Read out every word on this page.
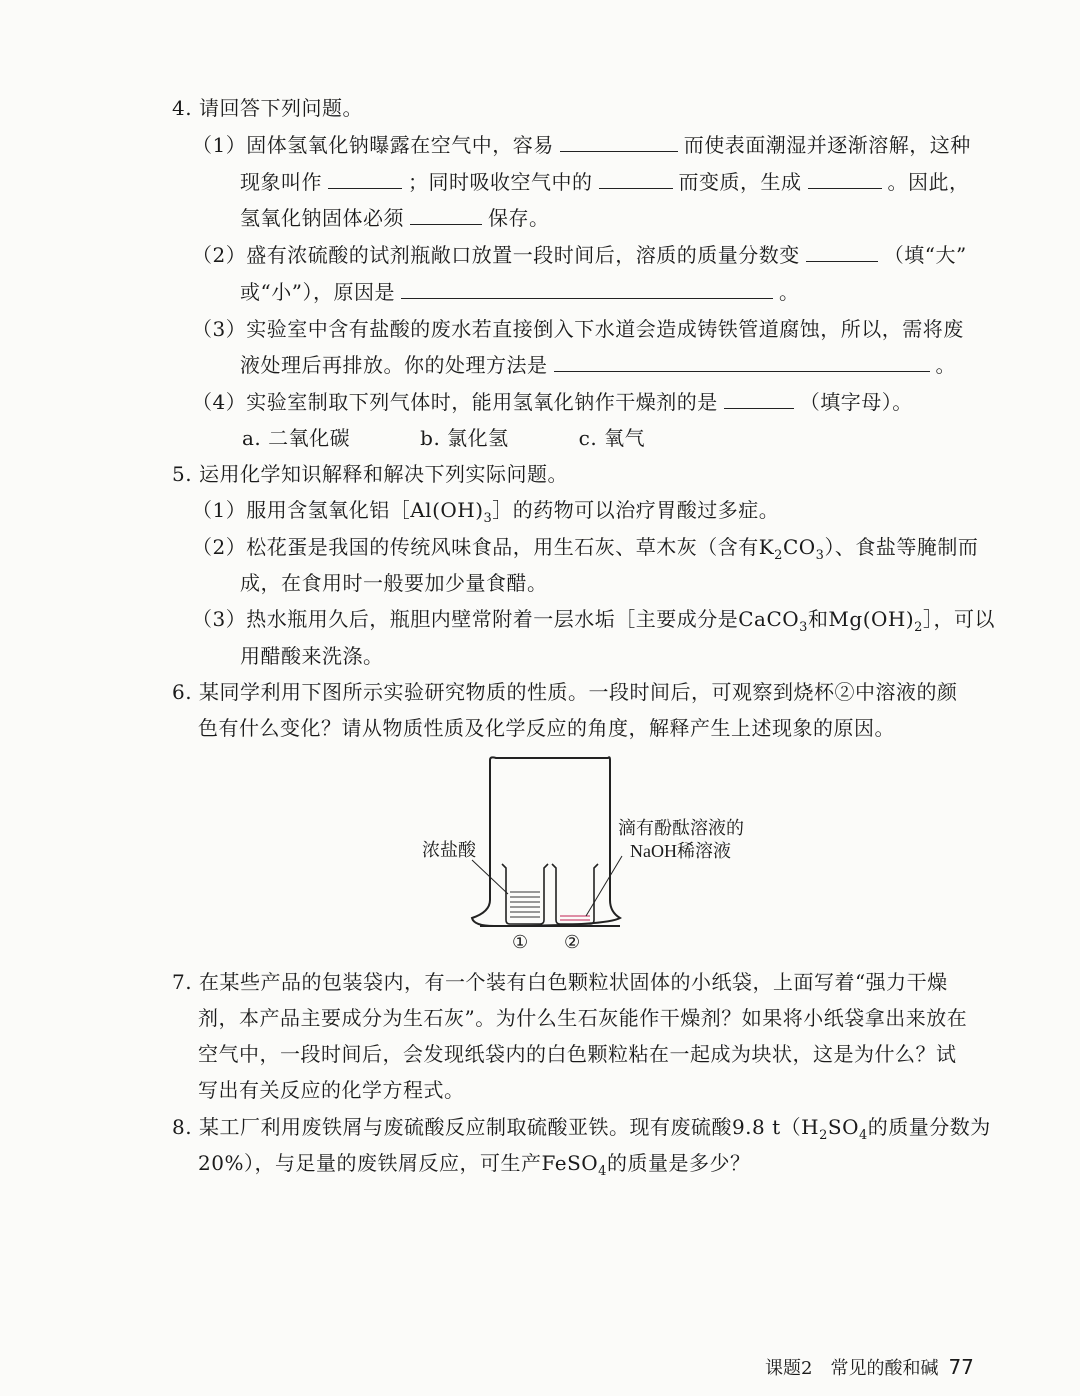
4. 请回答下列问题。
（1）固体氢氧化钠曝露在空气中，容易	而使表面潮湿并逐渐溶解，这种
现象叫作	；同时吸收空气中的	而变质，生成	。因此，
氢氧化钠固体必须	保存。
（2）盛有浓硫酸的试剂瓶敞口放置一段时间后，溶质的质量分数变	（填“大”
或“小”），原因是	。
（3）实验室中含有盐酸的废水若直接倒入下水道会造成铸铁管道腐蚀，所以，需将废
液处理后再排放。你的处理方法是	。
（4）实验室制取下列气体时，能用氢氧化钠作干燥剂的是	（填字母）。
a. 二氧化碳	b. 氯化氢	c. 氧气
5. 运用化学知识解释和解决下列实际问题。
（1）服用含氢氧化铝$[Al(OH)_3]$的药物可以治疗胃酸过多症。
（2）松花蛋是我国的传统风味食品，用生石灰、草木灰（含有$K_2CO_3$）、食盐等腌制而
成，在食用时一般要加少量食醋。
（3）热水瓶用久后，瓶胆内壁常附着一层水垢［主要成分是CaCO$_3$和$Mg(OH)_2]$，可以
用醋酸来洗涤。
6. 某同学利用下图所示实验研究物质的性质。一段时间后，可观察到烧杯②中溶液的颜
色有什么变化？请从物质性质及化学反应的角度，解释产生上述现象的原因。
浓盐酸
滴有酚酞溶液的
NaOH稀溶液
① ②
7. 在某些产品的包装袋内，有一个装有白色颗粒状固体的小纸袋，上面写着“强力干燥
剂，本产品主要成分为生石灰”。为什么生石灰能作干燥剂？如果将小纸袋拿出来放在
空气中，一段时间后，会发现纸袋内的白色颗粒粘在一起成为块状，这是为什么？试
写出有关反应的化学方程式。
8. 某工厂利用废铁屑与废硫酸反应制取硫酸亚铁。现有废硫酸9.8 $t(H_2SO_4$的质量分数为
20%），与足量的废铁屑反应，可生产FeSO$_4$的质量是多少？
课题2　常见的酸和碱 77
